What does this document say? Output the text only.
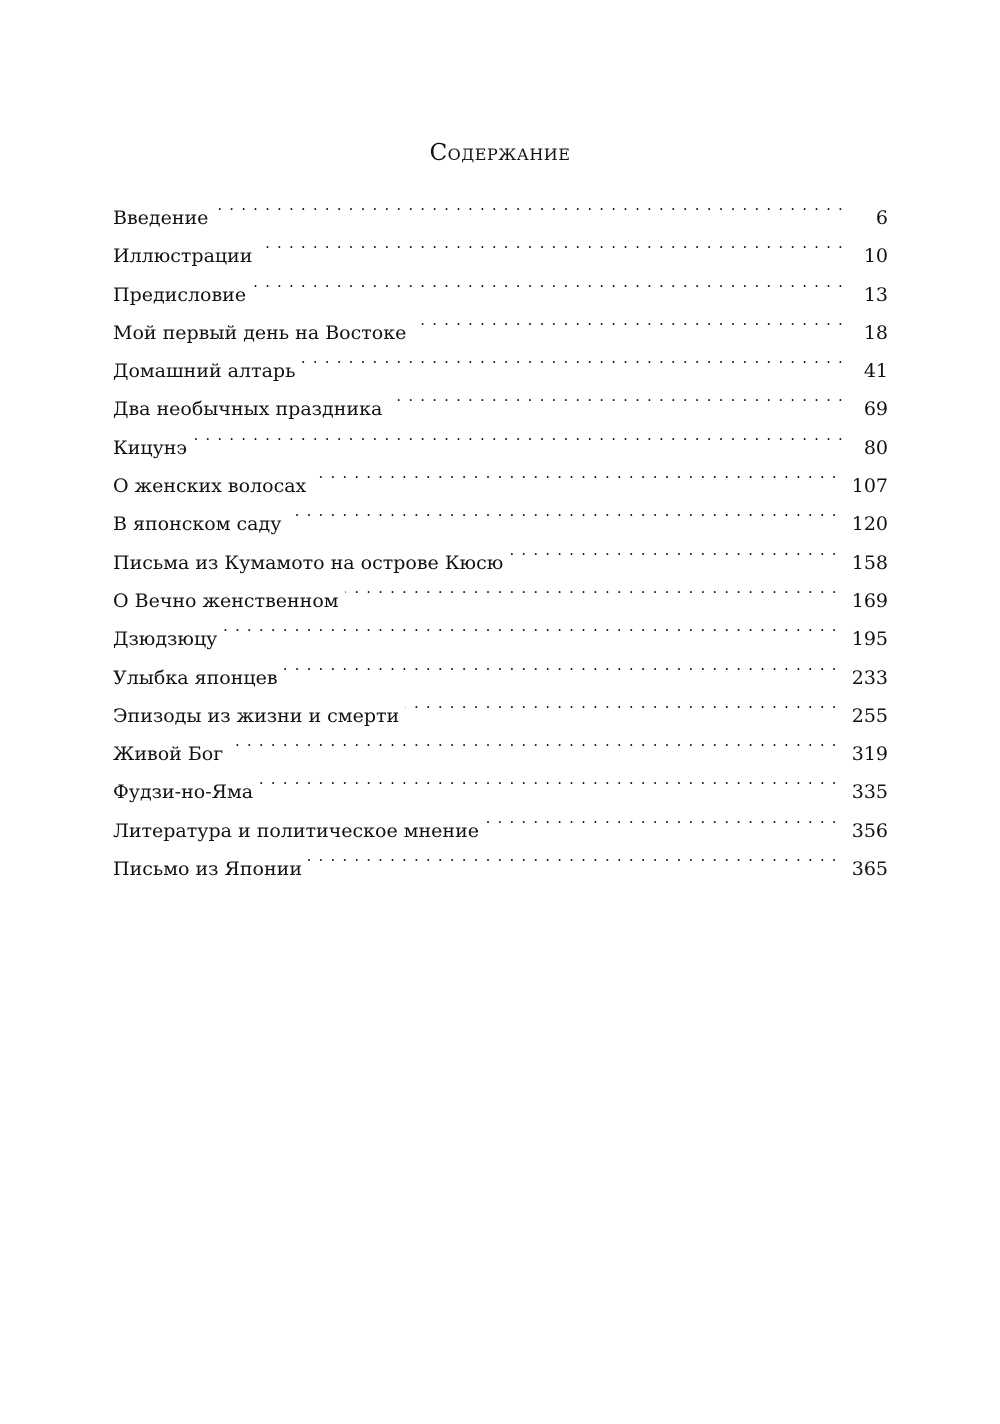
Содержание
Введение . . .	6
Иллюстрации . . .	10
Предисловие . . .	13
Мой первый день на Востоке . . .	18
Домашний алтарь . . .	41
Два необычных праздника . . .	69
Кицунэ . . .	80
О женских волосах . . .	107
В японском саду . . .	120
Письма из Кумамото на острове Кюсю . . .	158
О Вечно женственном . . .	169
Дзюдзюцу . . .	195
Улыбка японцев . . .	233
Эпизоды из жизни и смерти . . .	255
Живой Бог . . .	319
Фудзи-но-Яма . . .	335
Литература и политическое мнение . . .	356
Письмо из Японии . . .	365
